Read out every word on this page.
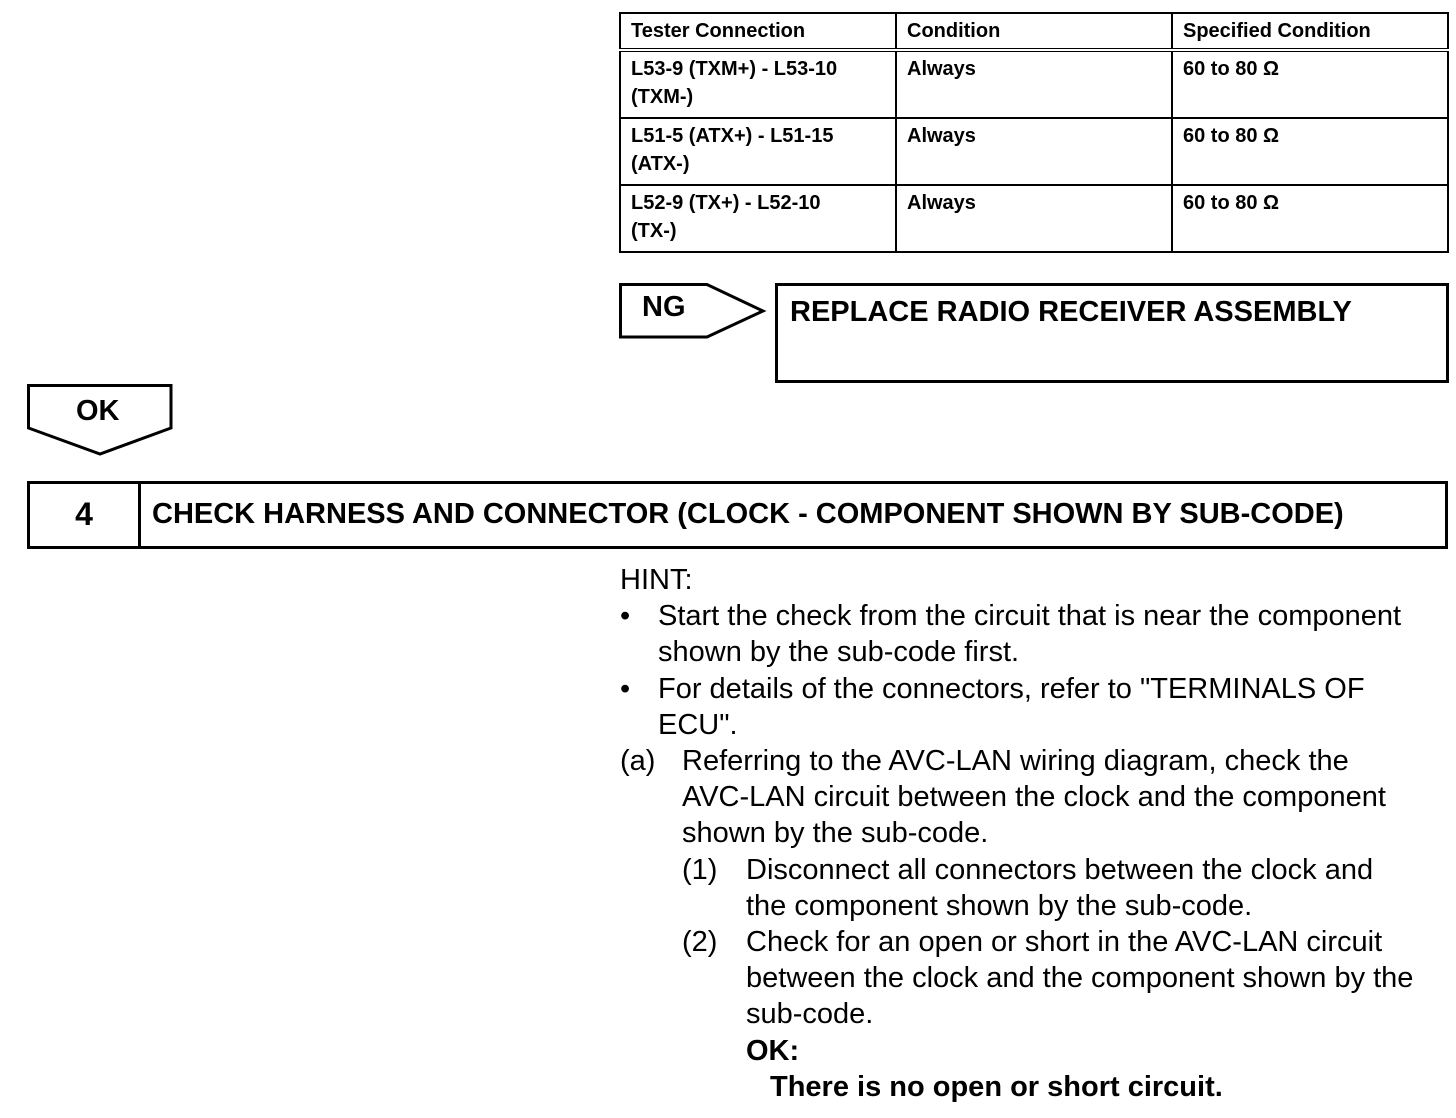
Tester Connection	Condition	Specified Condition
L53-9 (TXM+) - L53-10
(TXM-)	Always	60 to 80 Ω
L51-5 (ATX+) - L51-15
(ATX-)	Always	60 to 80 Ω
L52-9 (TX+) - L52-10
(TX-)	Always	60 to 80 Ω
NG	REPLACE RADIO RECEIVER ASSEMBLY
OK
4	CHECK HARNESS AND CONNECTOR (CLOCK - COMPONENT SHOWN BY SUB-CODE)
HINT:
• Start the check from the circuit that is near the component
shown by the sub-code first.
• For details of the connectors, refer to "TERMINALS OF
ECU".
(a) Referring to the AVC-LAN wiring diagram, check the
AVC-LAN circuit between the clock and the component
shown by the sub-code.
(1) Disconnect all connectors between the clock and
the component shown by the sub-code.
(2) Check for an open or short in the AVC-LAN circuit
between the clock and the component shown by the
sub-code.
OK:
There is no open or short circuit.
